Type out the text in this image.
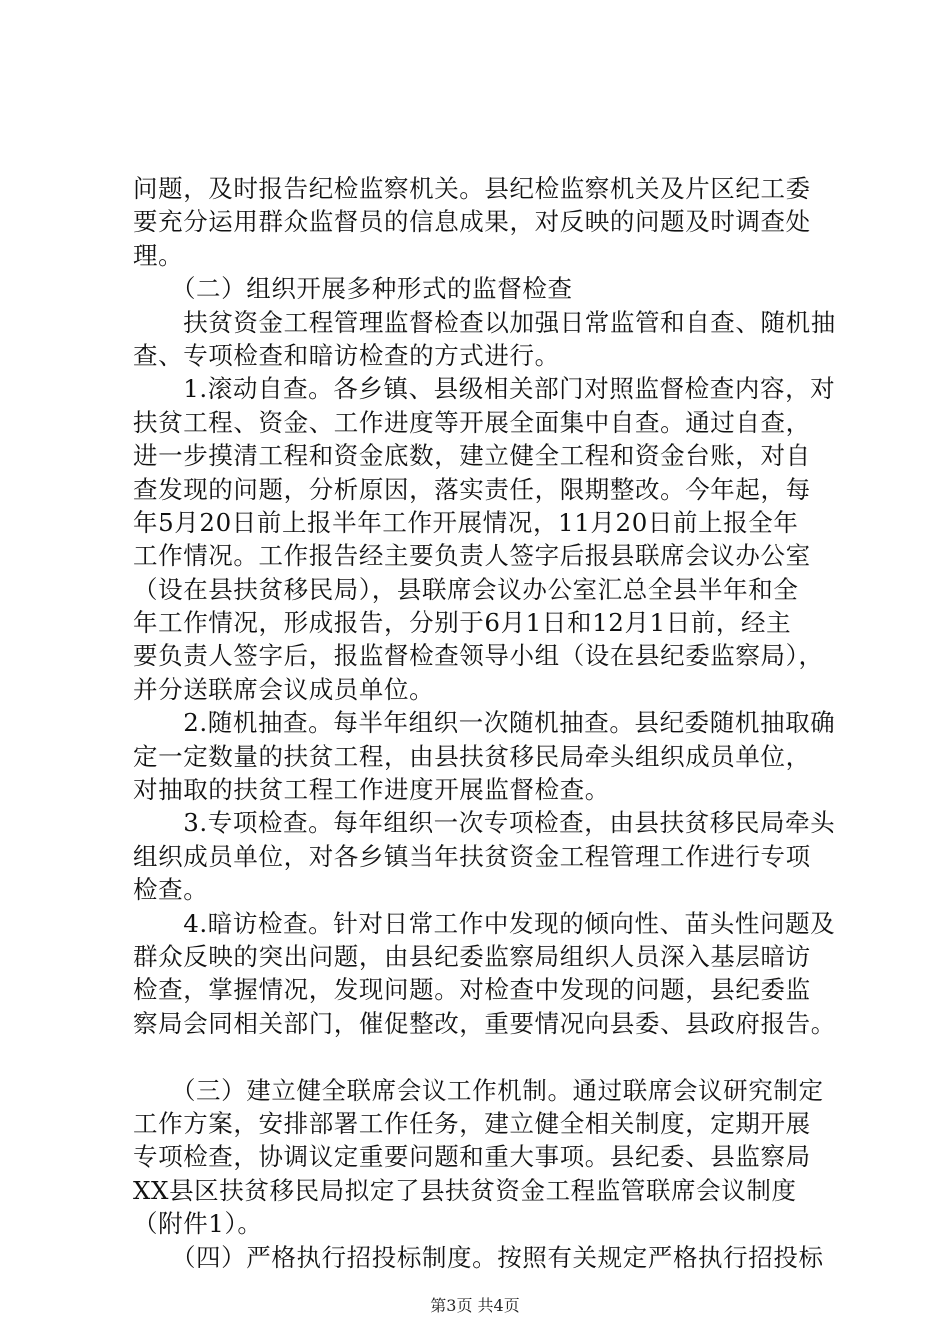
问题，及时报告纪检监察机关。县纪检监察机关及片区纪工委
要充分运用群众监督员的信息成果，对反映的问题及时调查处
理。
　　（二）组织开展多种形式的监督检查
　　扶贫资金工程管理监督检查以加强日常监管和自查、随机抽
查、专项检查和暗访检查的方式进行。
　　1.滚动自查。各乡镇、县级相关部门对照监督检查内容，对
扶贫工程、资金、工作进度等开展全面集中自查。通过自查，
进一步摸清工程和资金底数，建立健全工程和资金台账，对自
查发现的问题，分析原因，落实责任，限期整改。今年起，每
年5月20日前上报半年工作开展情况，11月20日前上报全年
工作情况。工作报告经主要负责人签字后报县联席会议办公室
（设在县扶贫移民局），县联席会议办公室汇总全县半年和全
年工作情况，形成报告，分别于6月1日和12月1日前，经主
要负责人签字后，报监督检查领导小组（设在县纪委监察局），
并分送联席会议成员单位。
　　2.随机抽查。每半年组织一次随机抽查。县纪委随机抽取确
定一定数量的扶贫工程，由县扶贫移民局牵头组织成员单位，
对抽取的扶贫工程工作进度开展监督检查。
　　3.专项检查。每年组织一次专项检查，由县扶贫移民局牵头
组织成员单位，对各乡镇当年扶贫资金工程管理工作进行专项
检查。
　　4.暗访检查。针对日常工作中发现的倾向性、苗头性问题及
群众反映的突出问题，由县纪委监察局组织人员深入基层暗访
检查，掌握情况，发现问题。对检查中发现的问题，县纪委监
察局会同相关部门，催促整改，重要情况向县委、县政府报告。
　　（三）建立健全联席会议工作机制。通过联席会议研究制定
工作方案，安排部署工作任务，建立健全相关制度，定期开展
专项检查，协调议定重要问题和重大事项。县纪委、县监察局
XX县区扶贫移民局拟定了县扶贫资金工程监管联席会议制度
（附件1）。
　　（四）严格执行招投标制度。按照有关规定严格执行招投标
第3页 共4页
